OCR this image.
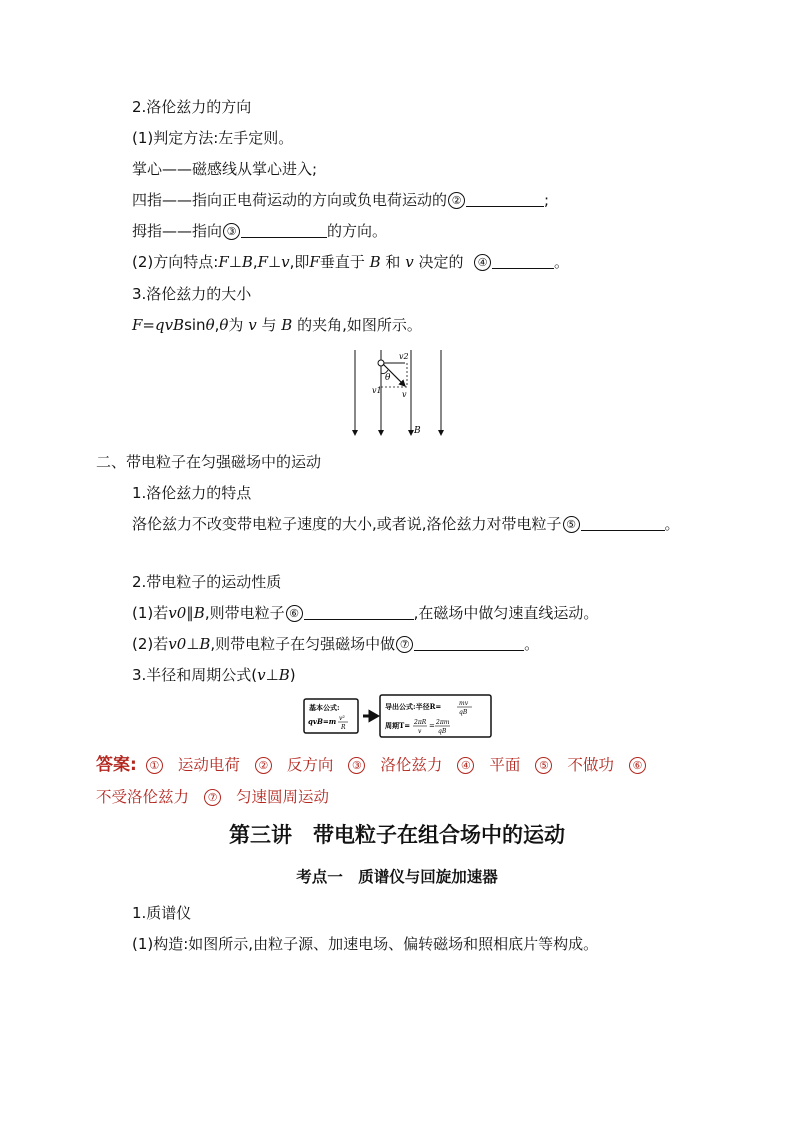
2.洛伦兹力的方向
(1)判定方法:左手定则。
掌心——磁感线从掌心进入;
四指——指向正电荷运动的方向或负电荷运动的 ②	;
拇指——指向 ③	的方向。
(2)方向特点:F⊥B,F⊥v,即F垂直于 B 和 v 决定的 ④	。
3.洛伦兹力的大小
F=qvBsinθ,θ为 v 与 B 的夹角,如图所示。
v2
θ
v1	v
B
二、带电粒子在匀强磁场中的运动
1.洛伦兹力的特点
洛伦兹力不改变带电粒子速度的大小,或者说,洛伦兹力对带电粒子 ⑤	。
2.带电粒子的运动性质
(1)若v0∥B,则带电粒子 ⑥	,在磁场中做匀速直线运动。
(2)若v0⊥B,则带电粒子在匀强磁场中做 ⑦	。
3.半径和周期公式(v⊥B)
基本公式:
qvB=m v²
R
导出公式:半径R=	mv
qB
周期T= 2πR
v
= 2πm
qB
答案: ① 运动电荷 ② 反方向 ③ 洛伦兹力 ④ 平面 ⑤ 不做功 ⑥
不受洛伦兹力 ⑦ 匀速圆周运动
第三讲　带电粒子在组合场中的运动
考点一　质谱仪与回旋加速器
1.质谱仪
(1)构造:如图所示,由粒子源、加速电场、偏转磁场和照相底片等构成。
